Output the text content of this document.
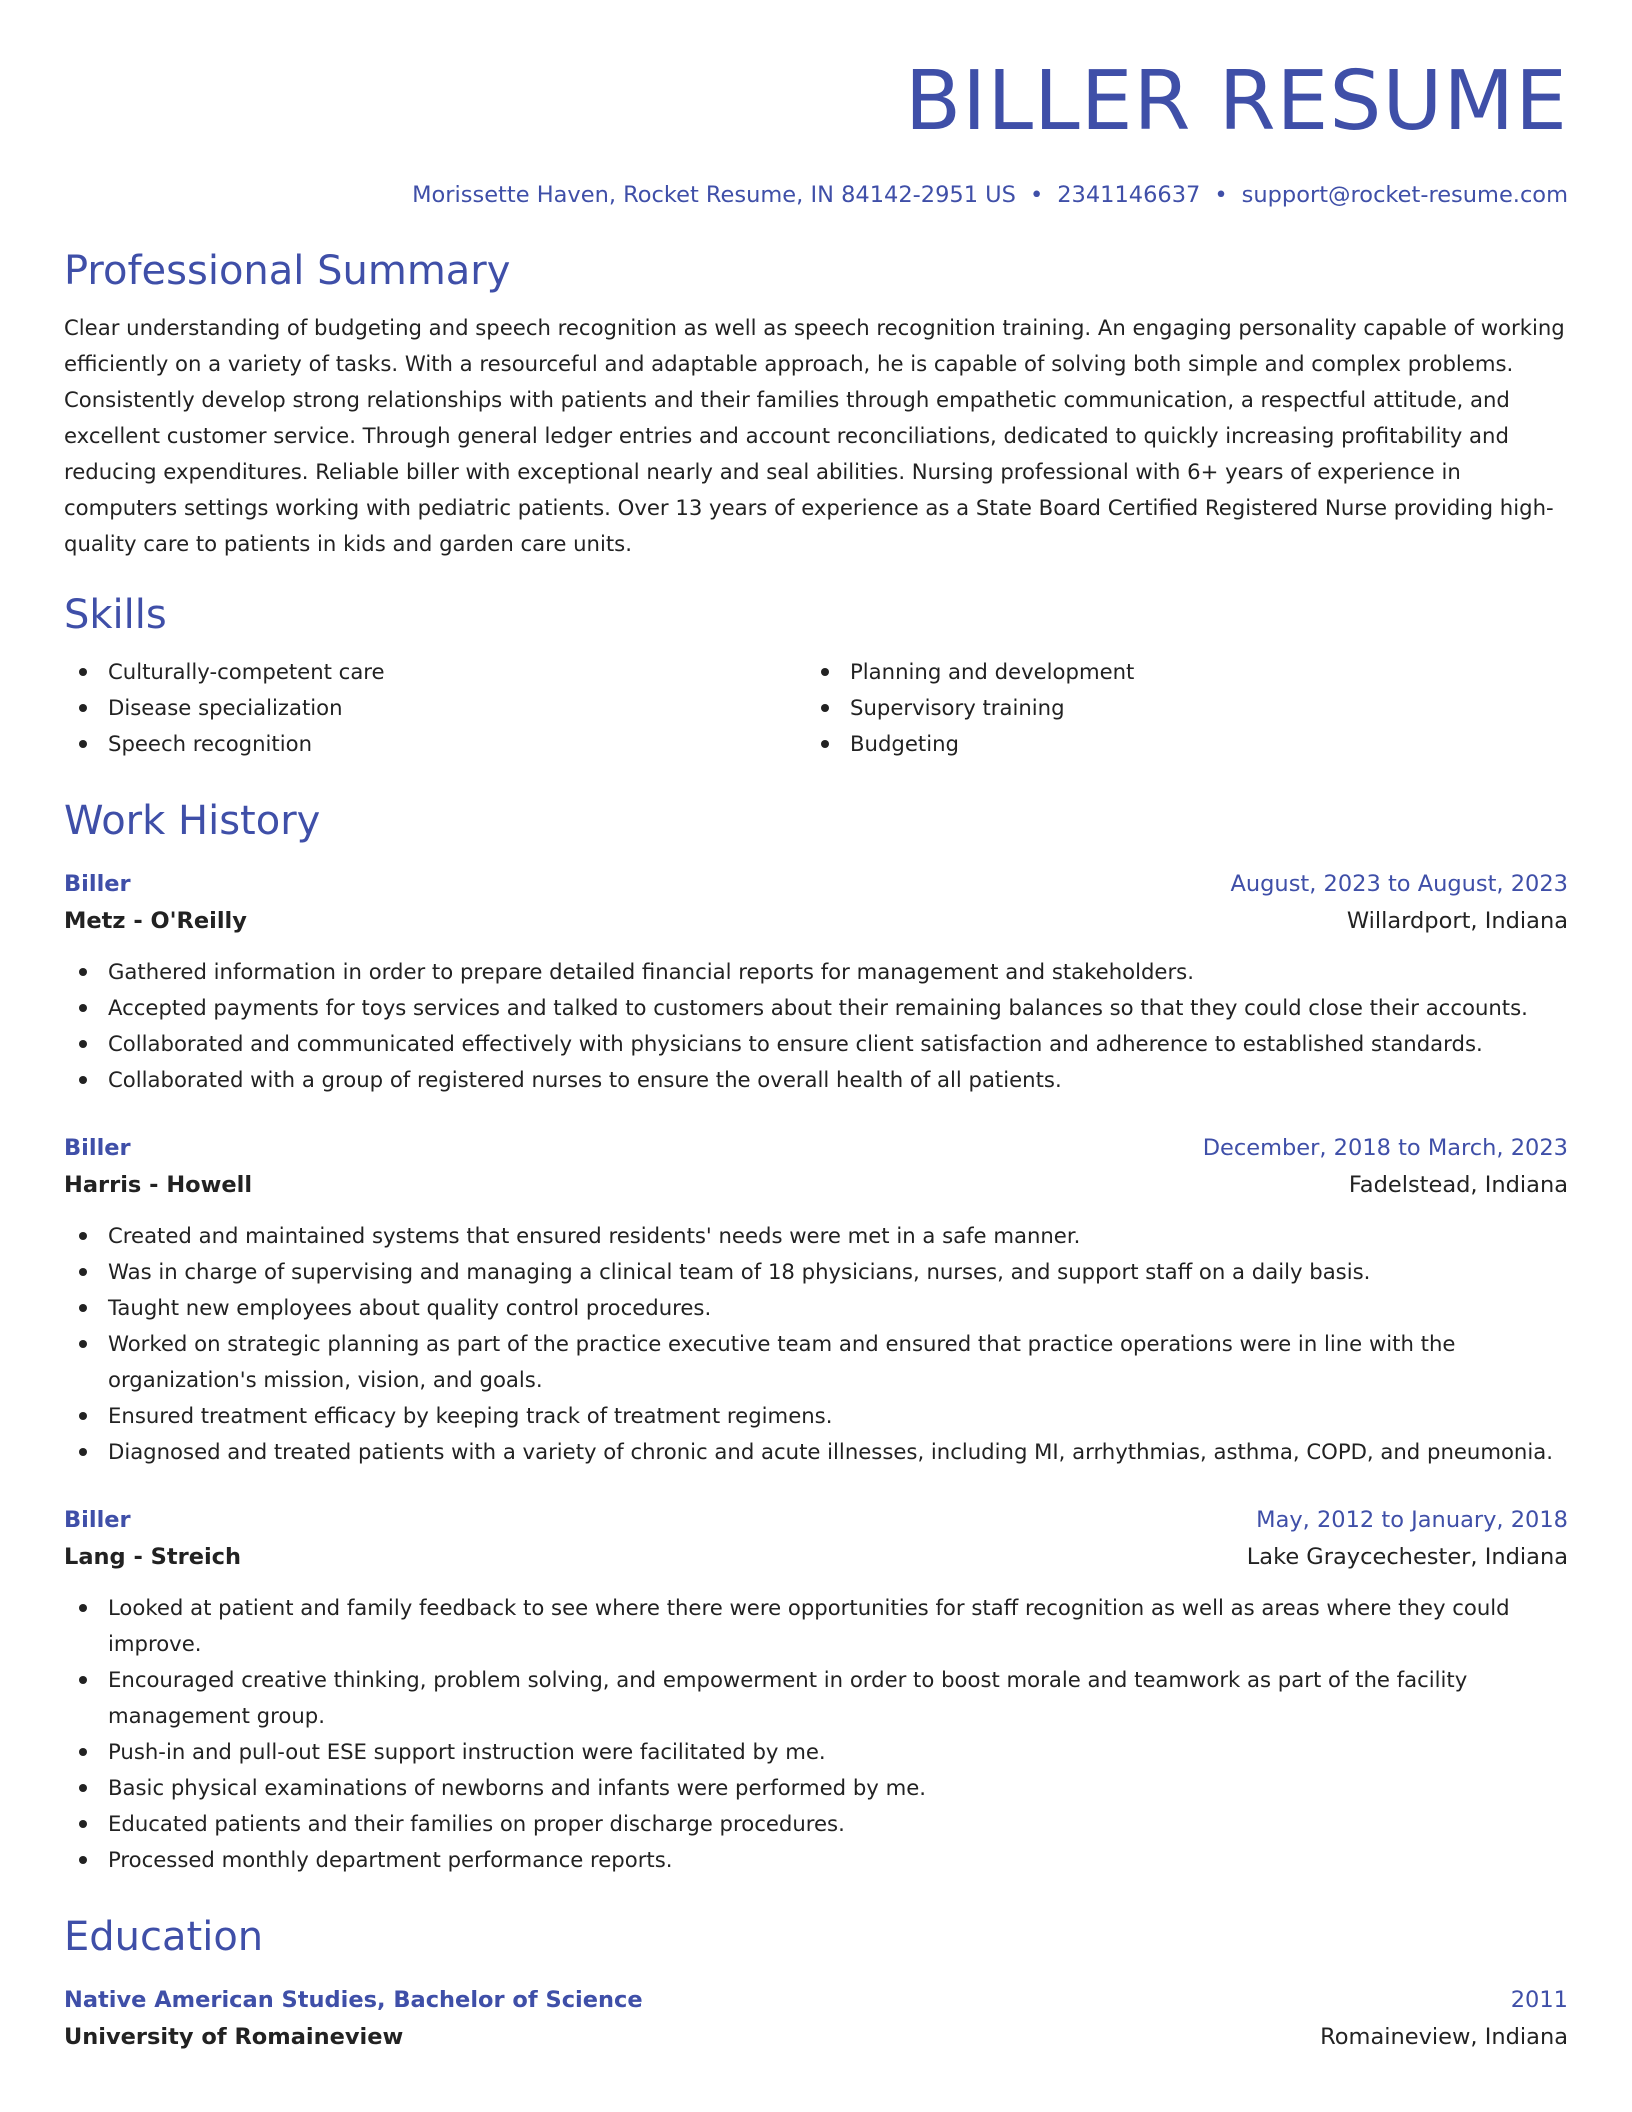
BILLER RESUME
Morissette Haven, Rocket Resume, IN 84142-2951 US • 2341146637 • support@rocket-resume.com
Professional Summary

Clear understanding of budgeting and speech recognition as well as speech recognition training. An engaging personality capable of working efficiently on a variety of tasks. With a resourceful and adaptable approach, he is capable of solving both simple and complex problems. Consistently develop strong relationships with patients and their families through empathetic communication, a respectful attitude, and excellent customer service. Through general ledger entries and account reconciliations, dedicated to quickly increasing profitability and reducing expenditures. Reliable biller with exceptional nearly and seal abilities. Nursing professional with 6+ years of experience in computers settings working with pediatric patients. Over 13 years of experience as a State Board Certified Registered Nurse providing high-quality care to patients in kids and garden care units.

Skills
Culturally-competent care
Disease specialization
Speech recognition
Planning and development
Supervisory training
Budgeting
Work History
Biller	August, 2023 to August, 2023
Metz - O'Reilly	Willardport, Indiana
Gathered information in order to prepare detailed financial reports for management and stakeholders.
Accepted payments for toys services and talked to customers about their remaining balances so that they could close their accounts.
Collaborated and communicated effectively with physicians to ensure client satisfaction and adherence to established standards.
Collaborated with a group of registered nurses to ensure the overall health of all patients.
Biller	December, 2018 to March, 2023
Harris - Howell	Fadelstead, Indiana
Created and maintained systems that ensured residents' needs were met in a safe manner.
Was in charge of supervising and managing a clinical team of 18 physicians, nurses, and support staff on a daily basis.
Taught new employees about quality control procedures.
Worked on strategic planning as part of the practice executive team and ensured that practice operations were in line with the organization's mission, vision, and goals.
Ensured treatment efficacy by keeping track of treatment regimens.
Diagnosed and treated patients with a variety of chronic and acute illnesses, including MI, arrhythmias, asthma, COPD, and pneumonia.
Biller	May, 2012 to January, 2018
Lang - Streich	Lake Graycechester, Indiana
Looked at patient and family feedback to see where there were opportunities for staff recognition as well as areas where they could improve.
Encouraged creative thinking, problem solving, and empowerment in order to boost morale and teamwork as part of the facility management group.
Push-in and pull-out ESE support instruction were facilitated by me.
Basic physical examinations of newborns and infants were performed by me.
Educated patients and their families on proper discharge procedures.
Processed monthly department performance reports.
Education
Native American Studies, Bachelor of Science	2011
University of Romaineview	Romaineview, Indiana
